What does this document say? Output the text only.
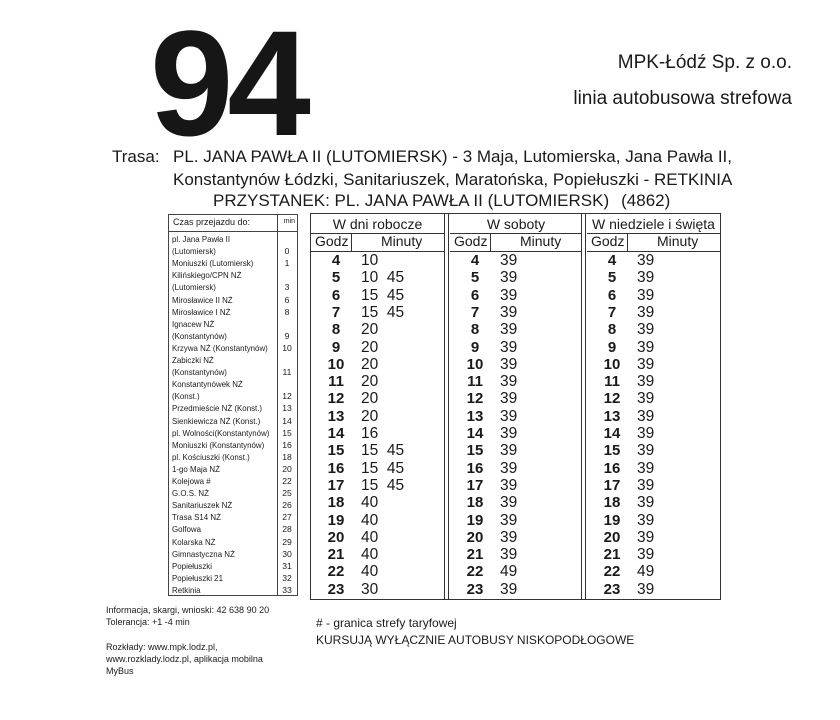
94	MPK-Łódź Sp. z o.o.
linia autobusowa strefowa
Trasa: PL. JANA PAWŁA II (LUTOMIERSK) - 3 Maja, Lutomierska, Jana Pawła II,
Konstantynów Łódzki, Sanitariuszek, Maratońska, Popiełuszki - RETKINIA
PRZYSTANEK: PL. JANA PAWŁA II (LUTOMIERSK) (4862)
Czas przejazdu do:	min
pl. Jana Pawła II
(Lutomiersk)	0
Moniuszki (Lutomiersk)	1
Kilińskiego/CPN NŻ
(Lutomiersk)	3
Mirosławice II NŻ	6
Mirosławice I NŻ	8
Ignacew NŻ
(Konstantynów)	9
Krzywa NŻ (Konstantynów)	10
Zabiczki NŻ
(Konstantynów)	11
Konstantynówek NŻ
(Konst.)	12
Przedmieście NŻ (Konst.)	13
Sienkiewicza NŻ (Konst.)	14
pl. Wolności(Konstantynów)	15
Moniuszki (Konstantynów)	16
pl. Kościuszki (Konst.)	18
1-go Maja NŻ	20
Kolejowa #	22
G.O.S. NŻ	25
Sanitariuszek NŻ	26
Trasa S14 NŻ	27
Golfowa	28
Kolarska NŻ	29
Gimnastyczna NŻ	30
Popiełuszki	31
Popiełuszki 21	32
Retkinia	33
W dni robocze
Godz Minuty
4	10
5	10  45
6	15  45
7	15  45
8	20
9	20
10 20
11 20
12 20
13 20
14 16
15 15  45
16 15  45
17 15  45
18 40
19 40
20 40
21 40
22 40
23 30
W soboty
Godz Minuty
4	39
5	39
6	39
7	39
8	39
9	39
10 39
11 39
12 39
13 39
14 39
15 39
16 39
17 39
18 39
19 39
20 39
21 39
22 49
23 39
W niedziele i święta
Godz Minuty
4	39
5	39
6	39
7	39
8	39
9	39
10 39
11 39
12 39
13 39
14 39
15 39
16 39
17 39
18 39
19 39
20 39
21 39
22 49
23 39
Informacja, skargi, wnioski: 42 638 90 20
Tolerancja: +1 -4 min
Rozkłady: www.mpk.lodz.pl,
www.rozklady.lodz.pl, aplikacja mobilna
MyBus
# - granica strefy taryfowej
KURSUJĄ WYŁĄCZNIE AUTOBUSY NISKOPODŁOGOWE
